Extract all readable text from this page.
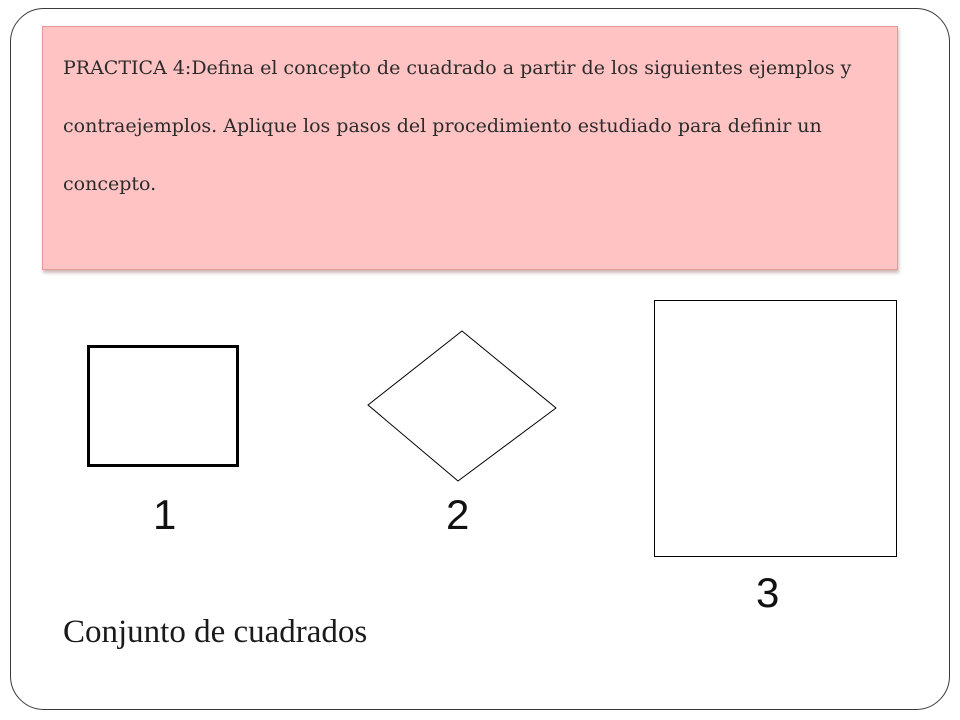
PRACTICA 4:Defina el concepto de cuadrado a partir de los siguientes ejemplos y contraejemplos. Aplique los pasos del procedimiento estudiado para definir un concepto.

1	2
3
Conjunto de cuadrados
